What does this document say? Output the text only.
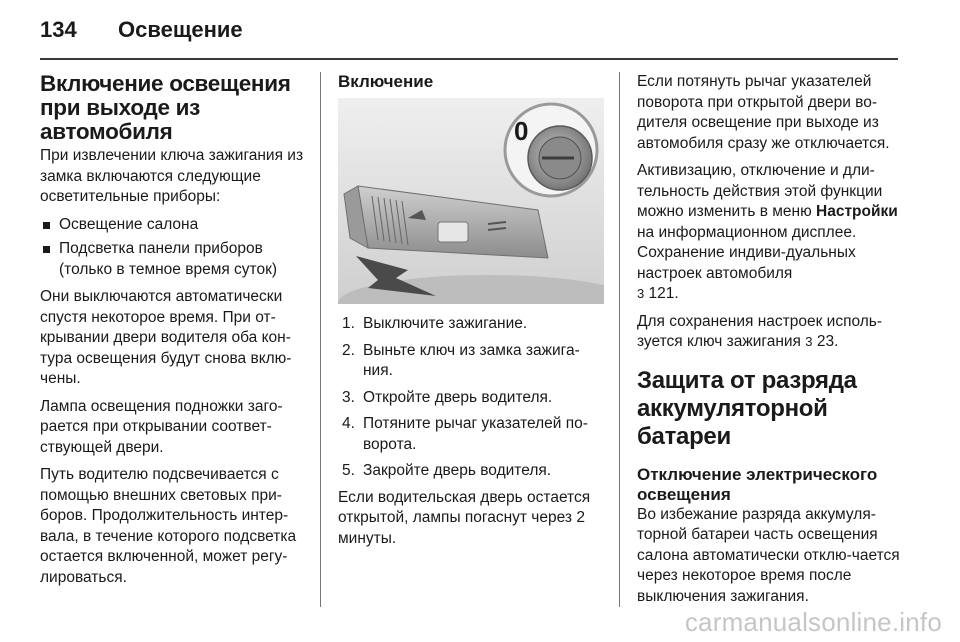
134	Освещение
Включение освещения при выходе из автомобиля

При извлечении ключа зажигания из замка включаются следующие осветительные приборы:

Освещение салона
Подсветка панели приборов (только в темное время суток)

Они выключаются автоматически спустя некоторое время. При от-крывании двери водителя оба кон-тура освещения будут снова вклю-чены.

Лампа освещения подножки заго-рается при открывании соответ-ствующей двери.

Путь водителю подсвечивается с помощью внешних световых при-боров. Продолжительность интер-вала, в течение которого подсветка остается включенной, может регу-лироваться.

Включение
0
1. Выключите зажигание.
2. Выньте ключ из замка зажига-ния.
3. Откройте дверь водителя.
4. Потяните рычаг указателей по-ворота.
5. Закройте дверь водителя.

Если водительская дверь остается открытой, лампы погаснут через 2 минуты.

Если потянуть рычаг указателей поворота при открытой двери во-дителя освещение при выходе из автомобиля сразу же отключается.

Активизацию, отключение и дли-тельность действия этой функции можно изменить в меню Настройки на информационном дисплее. Сохранение индиви-дуальных настроек автомобиля
3 121.

Для сохранения настроек исполь-зуется ключ зажигания 3 23.

Защита от разряда аккумуляторной батареи
Отключение электрического освещения

Во избежание разряда аккумуля-торной батареи часть освещения салона автоматически отклю-чается через некоторое время после выключения зажигания.

carmanualsonline.info
